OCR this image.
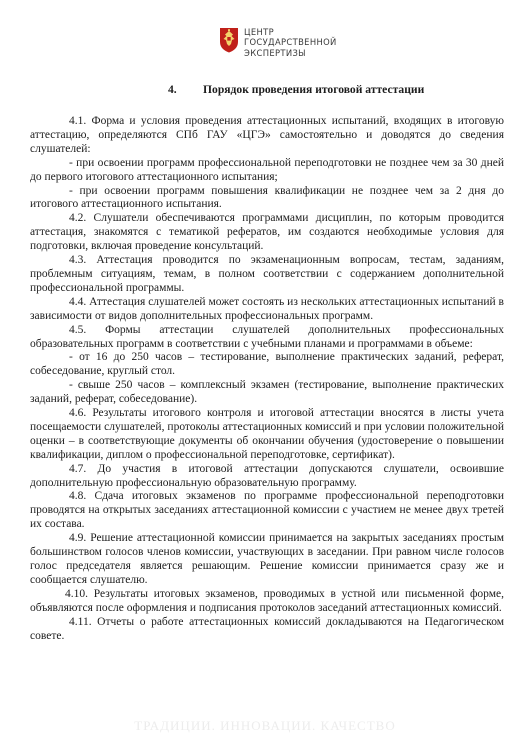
ЦЕНТР
ГОСУДАРСТВЕННОЙ
ЭКСПЕРТИЗЫ
4. Порядок проведения итоговой аттестации

4.1. Форма и условия проведения аттестационных испытаний, входящих в итоговую аттестацию, определяются СПб ГАУ «ЦГЭ» самостоятельно и доводятся до сведения слушателей:

- при освоении программ профессиональной переподготовки не позднее чем за 30 дней до первого итогового аттестационного испытания;

- при освоении программ повышения квалификации не позднее чем за 2 дня до итогового аттестационного испытания.

4.2. Слушатели обеспечиваются программами дисциплин, по которым проводится аттестация, знакомятся с тематикой рефератов, им создаются необходимые условия для подготовки, включая проведение консультаций.

4.3. Аттестация проводится по экзаменационным вопросам, тестам, заданиям, проблемным ситуациям, темам, в полном соответствии с содержанием дополнительной профессиональной программы.

4.4. Аттестация слушателей может состоять из нескольких аттестационных испытаний в зависимости от видов дополнительных профессиональных программ.

4.5. Формы аттестации слушателей дополнительных профессиональных образовательных программ в соответствии с учебными планами и программами в объеме:

- от 16 до 250 часов – тестирование, выполнение практических заданий, реферат, собеседование, круглый стол.

- свыше 250 часов – комплексный экзамен (тестирование, выполнение практических заданий, реферат, собеседование).

4.6. Результаты итогового контроля и итоговой аттестации вносятся в листы учета посещаемости слушателей, протоколы аттестационных комиссий и при условии положительной оценки – в соответствующие документы об окончании обучения (удостоверение о повышении квалификации, диплом о профессиональной переподготовке, сертификат).

4.7. До участия в итоговой аттестации допускаются слушатели, освоившие дополнительную профессиональную образовательную программу.

4.8. Сдача итоговых экзаменов по программе профессиональной переподготовки проводятся на открытых заседаниях аттестационной комиссии с участием не менее двух третей их состава.

4.9. Решение аттестационной комиссии принимается на закрытых заседаниях простым большинством голосов членов комиссии, участвующих в заседании. При равном числе голосов голос председателя является решающим. Решение комиссии принимается сразу же и сообщается слушателю.

4.10. Результаты итоговых экзаменов, проводимых в устной или письменной форме, объявляются после оформления и подписания протоколов заседаний аттестационных комиссий.

4.11. Отчеты о работе аттестационных комиссий докладываются на Педагогическом совете.

ТРАДИЦИИ. ИННОВАЦИИ. КАЧЕСТВО
